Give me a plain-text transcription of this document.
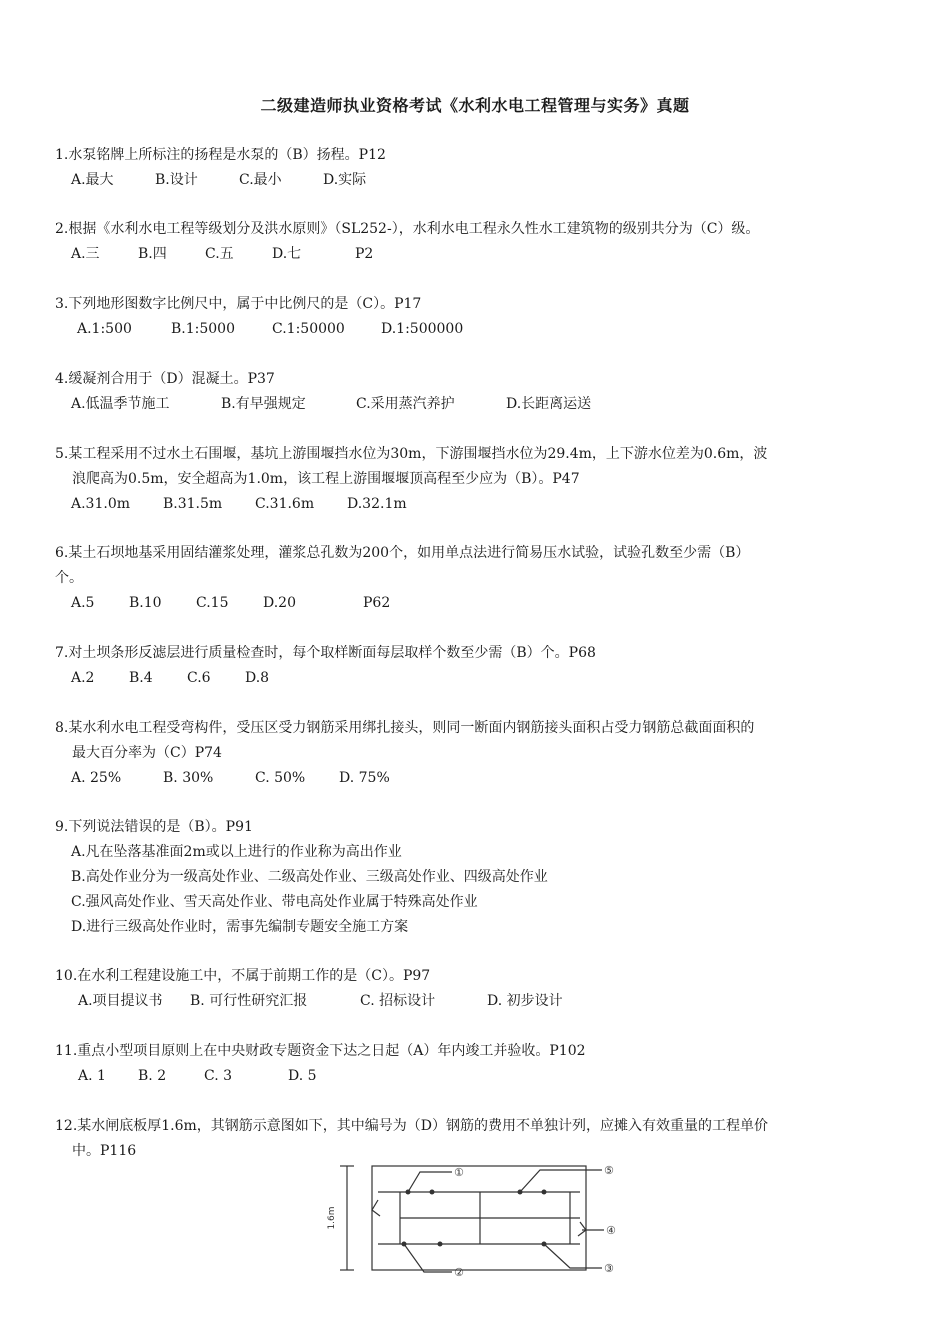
二级建造师执业资格考试《水利水电工程管理与实务》真题
1.水泵铭牌上所标注的扬程是水泵的（B）扬程。P12
A.最大	B.设计	C.最小	D.实际
2.根据《水利水电工程等级划分及洪水原则》（SL252-），水利水电工程永久性水工建筑物的级别共分为（C）级。
A.三	B.四	C.五	D.七	P2
3.下列地形图数字比例尺中，属于中比例尺的是（C）。P17
A.1:500	B.1:5000	C.1:50000	D.1:500000
4.缓凝剂合用于（D）混凝土。P37
A.低温季节施工	B.有早强规定	C.采用蒸汽养护	D.长距离运送
5.某工程采用不过水土石围堰，基坑上游围堰挡水位为30m，下游围堰挡水位为29.4m，上下游水位差为0.6m，波
浪爬高为0.5m，安全超高为1.0m，该工程上游围堰堰顶高程至少应为（B）。P47
A.31.0m	B.31.5m	C.31.6m	D.32.1m
6.某土石坝地基采用固结灌浆处理，灌浆总孔数为200个，如用单点法进行简易压水试验，试验孔数至少需（B）
个。
A.5	B.10	C.15	D.20	P62
7.对土坝条形反滤层进行质量检查时，每个取样断面每层取样个数至少需（B）个。P68
A.2	B.4	C.6	D.8
8.某水利水电工程受弯构件，受压区受力钢筋采用绑扎接头，则同一断面内钢筋接头面积占受力钢筋总截面面积的
最大百分率为（C）P74
A. 25%	B. 30%	C. 50%	D. 75%
9.下列说法错误的是（B）。P91
A.凡在坠落基准面2m或以上进行的作业称为高出作业
B.高处作业分为一级高处作业、二级高处作业、三级高处作业、四级高处作业
C.强风高处作业、雪天高处作业、带电高处作业属于特殊高处作业
D.进行三级高处作业时，需事先编制专题安全施工方案
10.在水利工程建设施工中，不属于前期工作的是（C）。P97
A.项目提议书	B. 可行性研究汇报	C. 招标设计	D. 初步设计
11.重点小型项目原则上在中央财政专题资金下达之日起（A）年内竣工并验收。P102
A. 1	B. 2	C. 3	D. 5
12.某水闸底板厚1.6m，其钢筋示意图如下，其中编号为（D）钢筋的费用不单独计列，应摊入有效重量的工程单价
中。P116
1.6m
①	⑤
④
②	③
